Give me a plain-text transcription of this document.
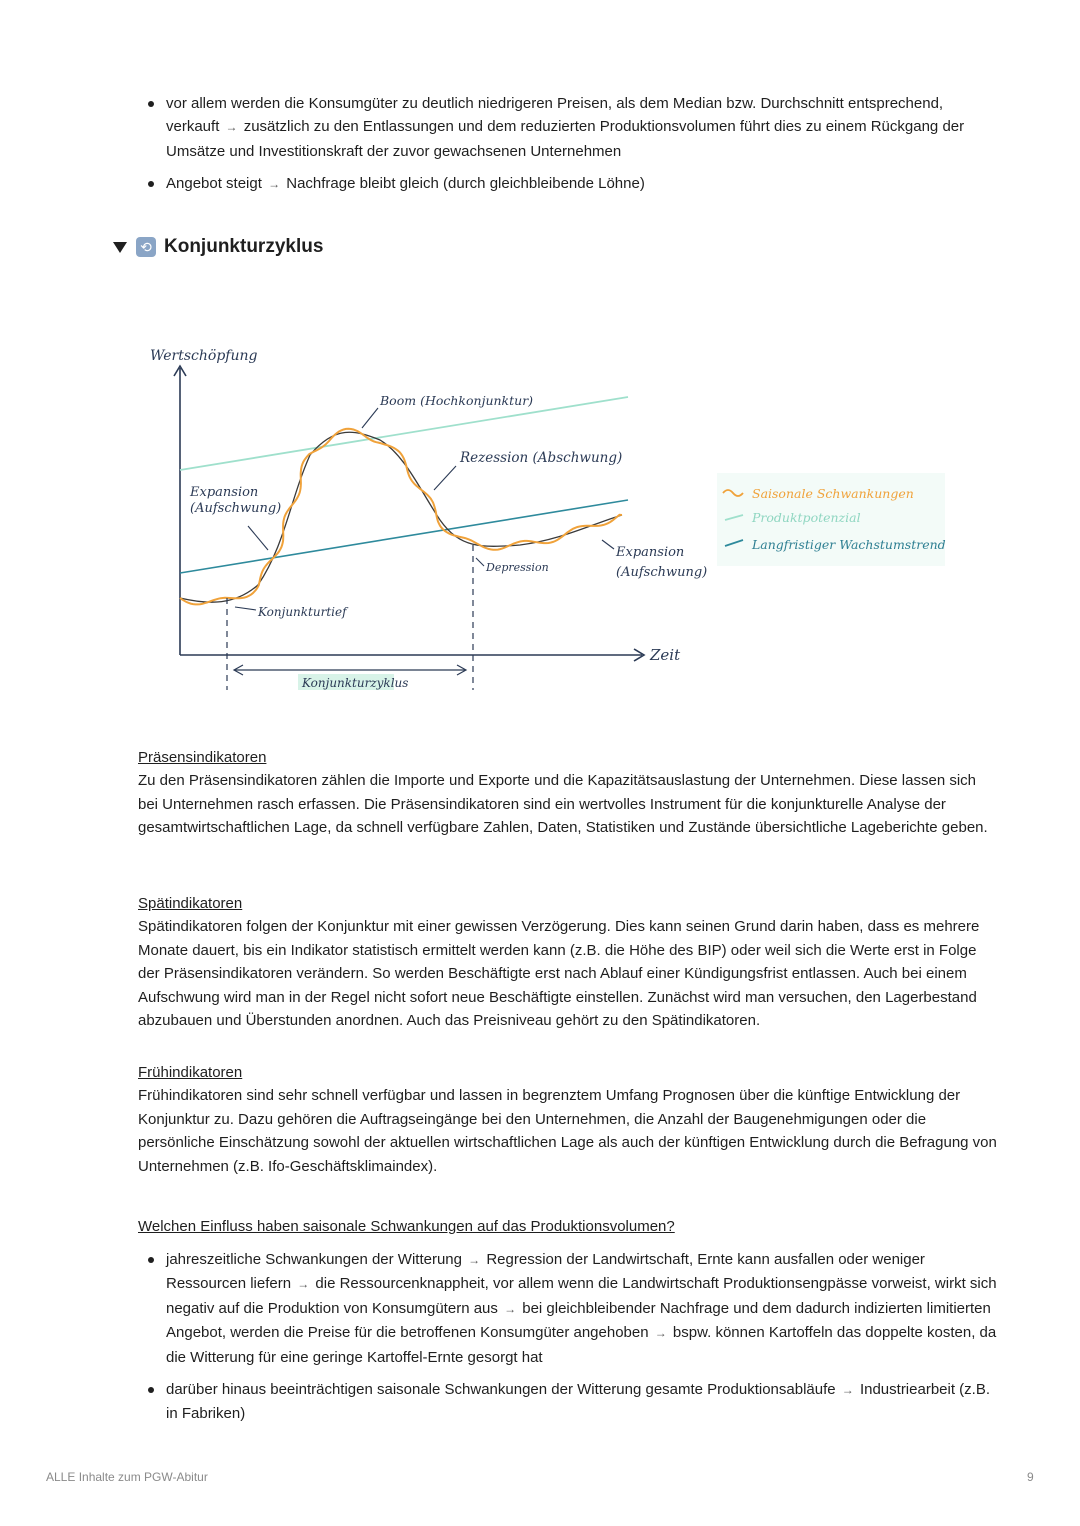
vor allem werden die Konsumgüter zu deutlich niedrigeren Preisen, als dem Median bzw. Durchschnitt entsprechend, verkauft → zusätzlich zu den Entlassungen und dem reduzierten Produktionsvolumen führt dies zu einem Rückgang der Umsätze und Investitionskraft der zuvor gewachsenen Unternehmen
Angebot steigt → Nachfrage bleibt gleich (durch gleichbleibende Löhne)
⟲ Konjunkturzyklus
Wertschöpfung
Zeit
Konjunkturzyklus
Boom (Hochkonjunktur)
Rezession (Abschwung)
Expansion
(Aufschwung)
Depression
Expansion
(Aufschwung)
Konjunkturtief
Saisonale Schwankungen
Produktpotenzial
Langfristiger Wachstumstrend
Präsensindikatoren

Zu den Präsensindikatoren zählen die Importe und Exporte und die Kapazitätsauslastung der Unternehmen. Diese lassen sich bei Unternehmen rasch erfassen. Die Präsensindikatoren sind ein wertvolles Instrument für die konjunkturelle Analyse der gesamtwirtschaftlichen Lage, da schnell verfügbare Zahlen, Daten, Statistiken und Zustände übersichtliche Lageberichte geben.

Spätindikatoren

Spätindikatoren folgen der Konjunktur mit einer gewissen Verzögerung. Dies kann seinen Grund darin haben, dass es mehrere Monate dauert, bis ein Indikator statistisch ermittelt werden kann (z.B. die Höhe des BIP) oder weil sich die Werte erst in Folge der Präsensindikatoren verändern. So werden Beschäftigte erst nach Ablauf einer Kündigungsfrist entlassen. Auch bei einem Aufschwung wird man in der Regel nicht sofort neue Beschäftigte einstellen. Zunächst wird man versuchen, den Lagerbestand abzubauen und Überstunden anordnen. Auch das Preisniveau gehört zu den Spätindikatoren.

Frühindikatoren

Frühindikatoren sind sehr schnell verfügbar und lassen in begrenztem Umfang Prognosen über die künftige Entwicklung der Konjunktur zu. Dazu gehören die Auftragseingänge bei den Unternehmen, die Anzahl der Baugenehmigungen oder die persönliche Einschätzung sowohl der aktuellen wirtschaftlichen Lage als auch der künftigen Entwicklung durch die Befragung von Unternehmen (z.B. Ifo-Geschäftsklimaindex).

Welchen Einfluss haben saisonale Schwankungen auf das Produktionsvolumen?
jahreszeitliche Schwankungen der Witterung → Regression der Landwirtschaft, Ernte kann ausfallen oder weniger Ressourcen liefern → die Ressourcenknappheit, vor allem wenn die Landwirtschaft Produktionsengpässe vorweist, wirkt sich negativ auf die Produktion von Konsumgütern aus → bei gleichbleibender Nachfrage und dem dadurch indizierten limitierten Angebot, werden die Preise für die betroffenen Konsumgüter angehoben → bspw. können Kartoffeln das doppelte kosten, da die Witterung für eine geringe Kartoffel-Ernte gesorgt hat
darüber hinaus beeinträchtigen saisonale Schwankungen der Witterung gesamte Produktionsabläufe → Industriearbeit (z.B. in Fabriken)
ALLE Inhalte zum PGW-Abitur	9
